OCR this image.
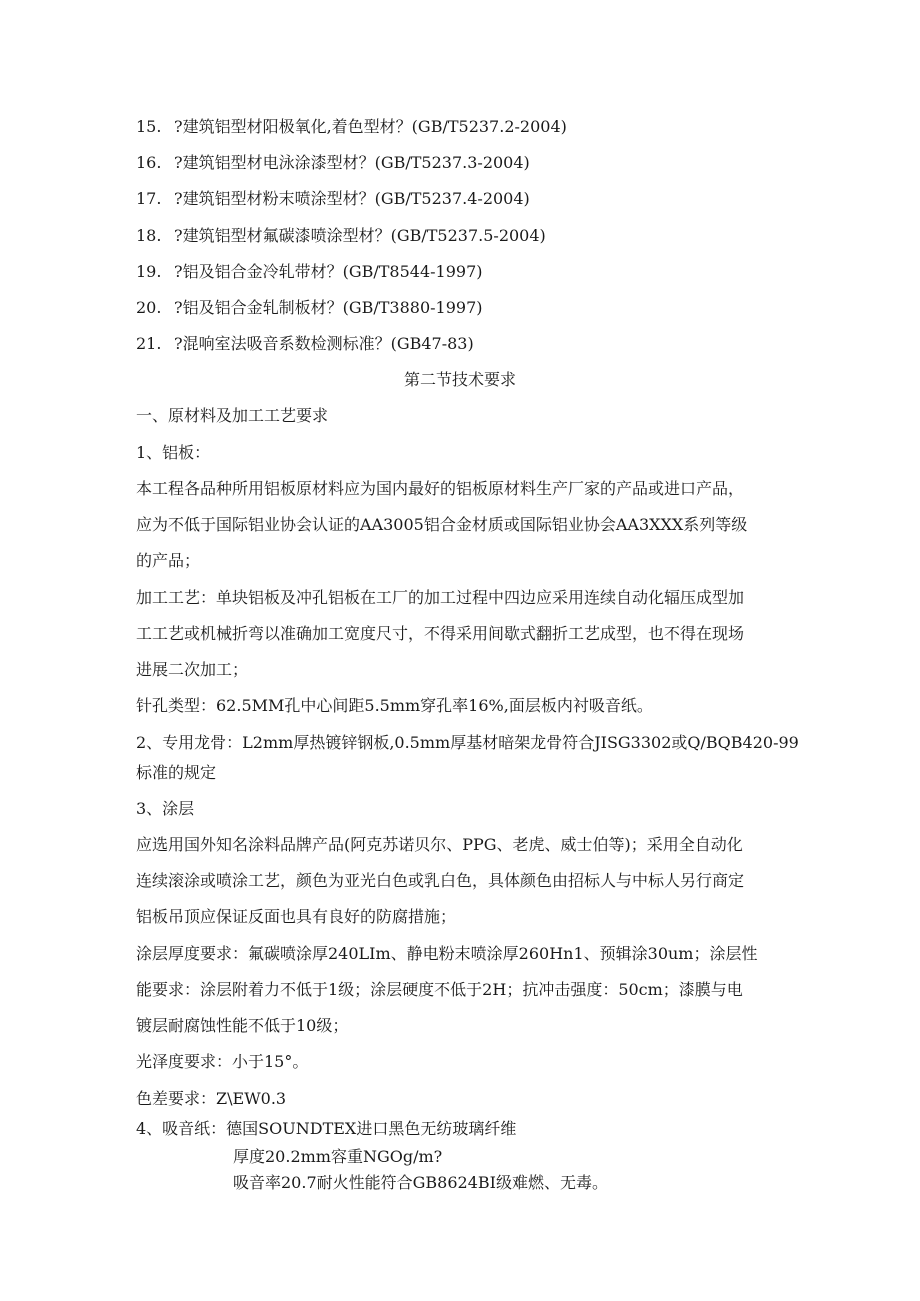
15. ?建筑铝型材阳极氧化,着色型材？(GB/T5237.2-2004)
16. ?建筑铝型材电泳涂漆型材？(GB/T5237.3-2004)
17. ?建筑铝型材粉末喷涂型材？(GB/T5237.4-2004)
18. ?建筑铝型材氟碳漆喷涂型材？(GB/T5237.5-2004)
19. ?铝及铝合金冷轧带材？(GB/T8544-1997)
20. ?铝及铝合金轧制板材？(GB/T3880-1997)
21. ?混响室法吸音系数检测标准？(GB47-83)
第二节技术要求
一、原材料及加工工艺要求
1、铝板：
本工程各品种所用铝板原材料应为国内最好的铝板原材料生产厂家的产品或进口产品，
应为不低于国际铝业协会认证的AA3005铝合金材质或国际铝业协会AA3XXX系列等级
的产品；
加工工艺：单块铝板及冲孔铝板在工厂的加工过程中四边应采用连续自动化辐压成型加
工工艺或机械折弯以准确加工宽度尺寸，不得采用间歇式翻折工艺成型，也不得在现场
进展二次加工；
针孔类型：62.5MM孔中心间距5.5mm穿孔率16%,面层板内衬吸音纸。
2、专用龙骨：L2mm厚热镀锌钢板,0.5mm厚基材暗架龙骨符合JISG3302或Q/BQB420-99
标准的规定
3、涂层
应选用国外知名涂料品牌产品(阿克苏诺贝尔、PPG、老虎、威士伯等)；采用全自动化
连续滚涂或喷涂工艺，颜色为亚光白色或乳白色，具体颜色由招标人与中标人另行商定
铝板吊顶应保证反面也具有良好的防腐措施；
涂层厚度要求：氟碳喷涂厚240LIm、静电粉末喷涂厚260Hn1、预辑涂30um；涂层性
能要求：涂层附着力不低于1级；涂层硬度不低于2H；抗冲击强度：50cm；漆膜与电
镀层耐腐蚀性能不低于10级；
光泽度要求：小于15°。
色差要求：Z\EW0.3
4、吸音纸：德国SOUNDTEX进口黑色无纺玻璃纤维
厚度20.2mm容重NGOg/m?
吸音率20.7耐火性能符合GB8624BI级难燃、无毒。
